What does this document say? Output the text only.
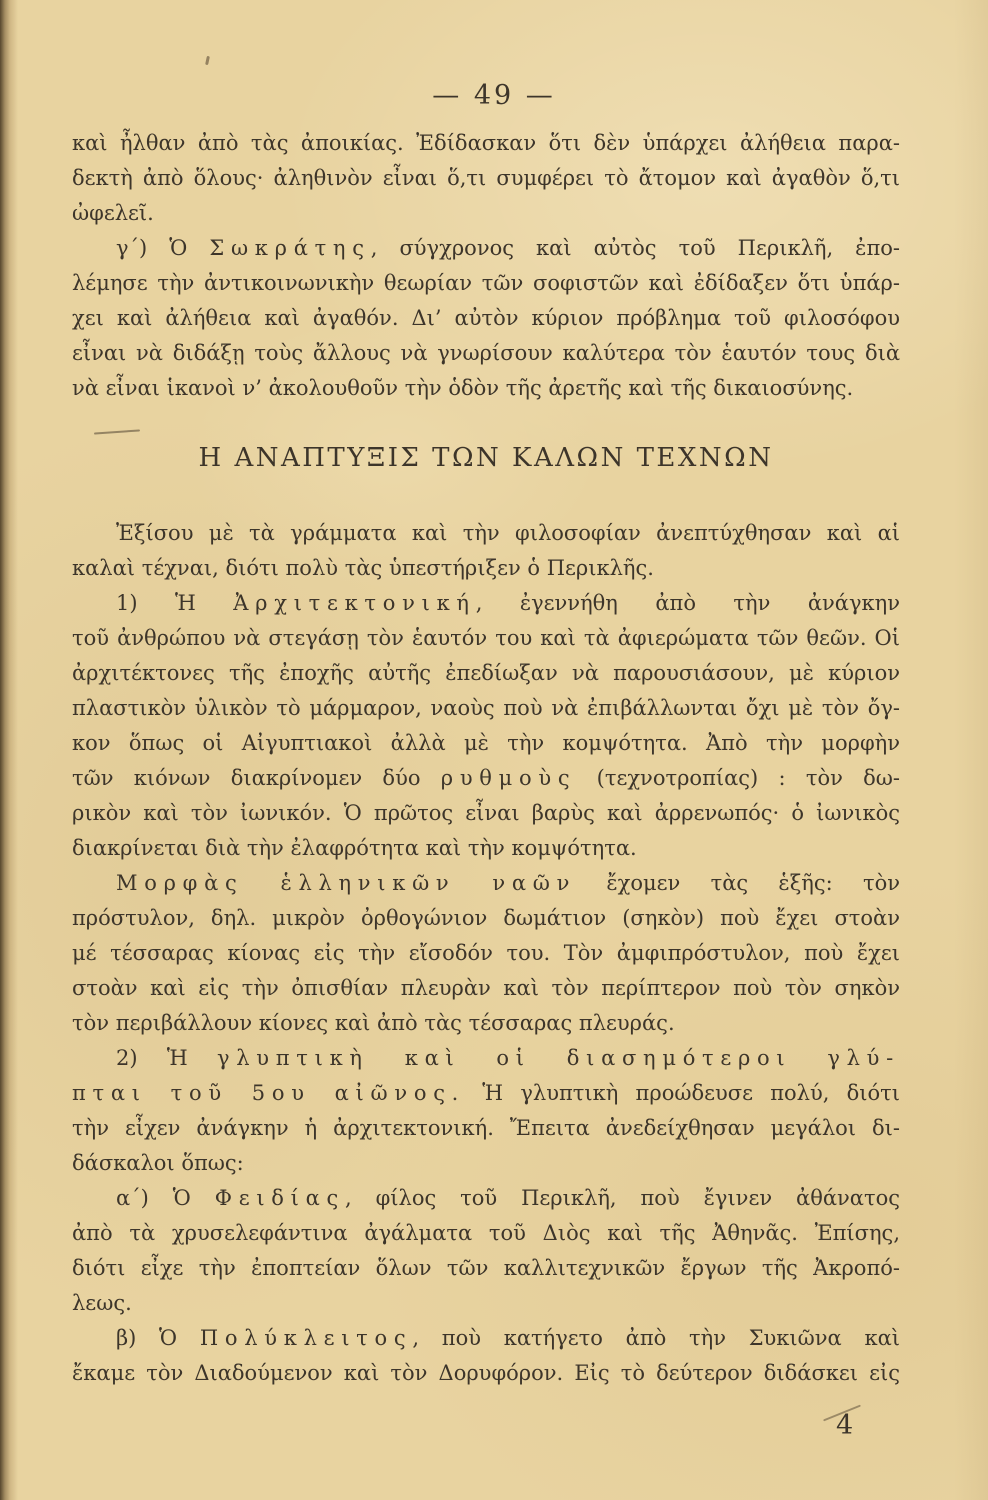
— 49 —
καὶ ἦλθαν ἀπὸ τὰς ἀποικίας. Ἐδίδασκαν ὅτι δὲν ὑπάρχει ἀλήθεια παρα-
δεκτὴ ἀπὸ ὅλους· ἀληθινὸν εἶναι ὅ,τι συμφέρει τὸ ἄτομον καὶ ἀγαθὸν ὅ,τι
ὠφελεῖ.
γ΄) Ὁ Σωκράτης, σύγχρονος καὶ αὐτὸς τοῦ Περικλῆ, ἐπο-
λέμησε τὴν ἀντικοινωνικὴν θεωρίαν τῶν σοφιστῶν καὶ ἐδίδαξεν ὅτι ὑπάρ-
χει καὶ ἀλήθεια καὶ ἀγαθόν. Δι’ αὐτὸν κύριον πρόβλημα τοῦ φιλοσόφου
εἶναι νὰ διδάξῃ τοὺς ἄλλους νὰ γνωρίσουν καλύτερα τὸν ἑαυτόν τους διὰ
νὰ εἶναι ἱκανοὶ ν’ ἀκολουθοῦν τὴν ὁδὸν τῆς ἀρετῆς καὶ τῆς δικαιοσύνης.
Η ΑΝΑΠΤΥΞΙΣ ΤΩΝ ΚΑΛΩΝ ΤΕΧΝΩΝ
Ἐξίσου μὲ τὰ γράμματα καὶ τὴν φιλοσοφίαν ἀνεπτύχθησαν καὶ αἱ
καλαὶ τέχναι, διότι πολὺ τὰς ὑπεστήριξεν ὁ Περικλῆς.
1) Ἡ Ἀρχιτεκτονική, ἐγεννήθη ἀπὸ τὴν ἀνάγκην
τοῦ ἀνθρώπου νὰ στεγάσῃ τὸν ἑαυτόν του καὶ τὰ ἀφιερώματα τῶν θεῶν. Οἱ
ἀρχιτέκτονες τῆς ἐποχῆς αὐτῆς ἐπεδίωξαν νὰ παρουσιάσουν, μὲ κύριον
πλαστικὸν ὑλικὸν τὸ μάρμαρον, ναοὺς ποὺ νὰ ἐπιβάλλωνται ὄχι μὲ τὸν ὄγ-
κον ὅπως οἱ Αἰγυπτιακοὶ ἀλλὰ μὲ τὴν κομψότητα. Ἀπὸ τὴν μορφὴν
τῶν κιόνων διακρίνομεν δύο ρυθμοὺς (τεχνοτροπίας) : τὸν δω-
ρικὸν καὶ τὸν ἰωνικόν. Ὁ πρῶτος εἶναι βαρὺς καὶ ἀρρενωπός· ὁ ἰωνικὸς
διακρίνεται διὰ τὴν ἐλαφρότητα καὶ τὴν κομψότητα.
Μορφὰς ἑλληνικῶν ναῶν ἔχομεν τὰς ἑξῆς: τὸν
πρόστυλον, δηλ. μικρὸν ὀρθογώνιον δωμάτιον (σηκὸν) ποὺ ἔχει στοὰν
μέ τέσσαρας κίονας εἰς τὴν εἴσοδόν του. Τὸν ἀμφιπρόστυλον, ποὺ ἔχει
στοὰν καὶ εἰς τὴν ὀπισθίαν πλευρὰν καὶ τὸν περίπτερον ποὺ τὸν σηκὸν
τὸν περιβάλλουν κίονες καὶ ἀπὸ τὰς τέσσαρας πλευράς.
2) Ἡ γλυπτικὴ καὶ οἱ διασημότεροι γλύ-
πται τοῦ 5ου αἰῶνος. Ἡ γλυπτικὴ προώδευσε πολύ, διότι
τὴν εἶχεν ἀνάγκην ἡ ἀρχιτεκτονική. Ἔπειτα ἀνεδείχθησαν μεγάλοι δι-
δάσκαλοι ὅπως:
α΄) Ὁ Φειδίας, φίλος τοῦ Περικλῆ, ποὺ ἔγινεν ἀθάνατος
ἀπὸ τὰ χρυσελεφάντινα ἀγάλματα τοῦ Διὸς καὶ τῆς Ἀθηνᾶς. Ἐπίσης,
διότι εἶχε τὴν ἐποπτείαν ὅλων τῶν καλλιτεχνικῶν ἔργων τῆς Ἀκροπό-
λεως.
β) Ὁ Πολύκλειτος, ποὺ κατήγετο ἀπὸ τὴν Συκιῶνα καὶ
ἔκαμε τὸν Διαδούμενον καὶ τὸν Δορυφόρον. Εἰς τὸ δεύτερον διδάσκει εἰς
4
